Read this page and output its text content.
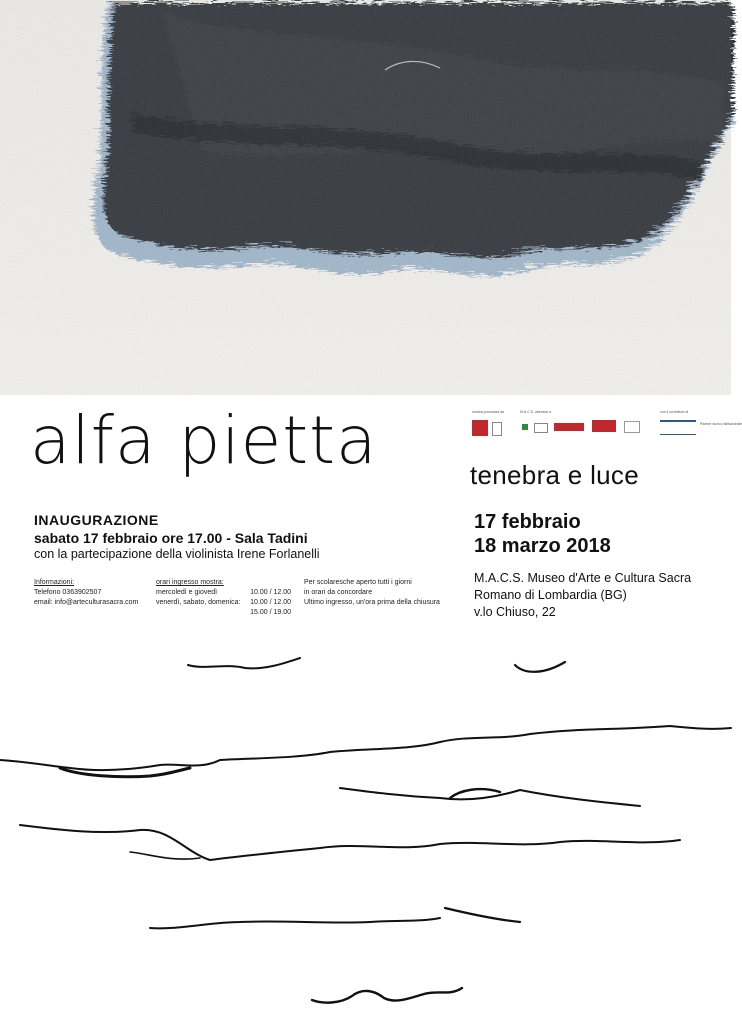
alfa pietta
INAUGURAZIONE
sabato 17 febbraio ore 17.00 - Sala Tadini
con la partecipazione della violinista Irene Forlanelli
Informazioni:
Telefono 0363902507
email: info@arteculturasacra.com
orari ingresso mostra:
mercoledì e giovedì	10.00 / 12.00
venerdì, sabato, domenica: 10.00 / 12.00
15.00 / 19.00
Per scolaresche aperto tutti i giorni
in orari da concordare
Ultimo ingresso, un'ora prima della chiusura
mostra promossa da	M.A.C.S. aderisce a	con il contributo di
Partner storico istituzionale
tenebra e luce
17 febbraio
18 marzo 2018
M.A.C.S. Museo d'Arte e Cultura Sacra
Romano di Lombardia (BG)
v.lo Chiuso, 22
